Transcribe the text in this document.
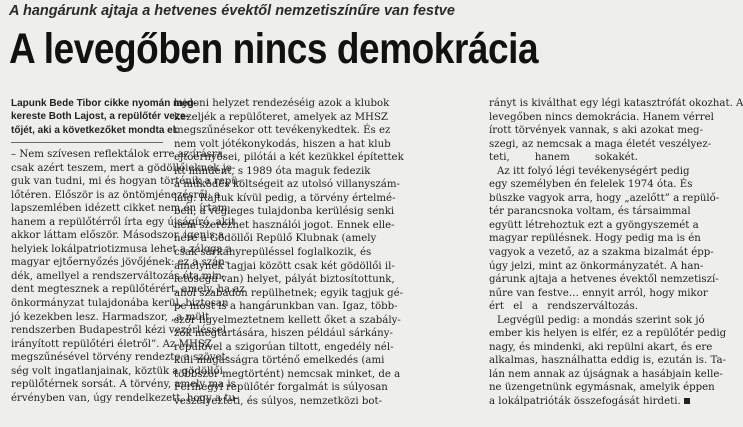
A hangárunk ajtaja a hetvenes évektől nemzetiszínűre van festve
A levegőben nincs demokrácia
Lapunk Bede Tibor cikke nyomán meg-
kereste Both Lajost, a repülőtér veze-
tőjét, aki a következőket mondta el.
– Nem szívesen reflektálok erre az írásra,
csak azért teszem, mert a gödöllőieknek jo-
guk van tudni, mi és hogyan történik a repü-
lőtéren. Először is az öntömjénezésről: a
lapszemlében idézett cikket nem én írtam,
hanem a repülőtérről írta egy újságíró, akit
akkor láttam először. Másodszor, igenis a
helyiek lokálpatriotizmusa lehet a záloga a
magyar ejtőernyőzés jövőjének: ez a szán-
dék, amellyel a rendszerváltozás óta min-
dent megtesznek a repülőtérért, amely, ha az
önkormányzat tulajdonába kerül, biztosan
jó kezekben lesz. Harmadszor, „a mült
rendszerben Budapestről kézi vezérléssel
irányított repülőtéri életről”. Az MHSZ
megszűnésével törvény rendezte a szövet-
ség volt ingatlanjainak, köztük a gödöllői
repülőtérnek sorsát. A törvény, amely ma is
érvényben van, úgy rendelkezett, hogy a tu-
lajdoni helyzet rendezéséig azok a klubok
kezeljék a repülőteret, amelyek az MHSZ
megszűnésekor ott tevékenykedtek. És ez
nem volt jótékonykodás, hiszen a hat klub
ejtőernyősei, pilótái a két kezükkel építettek
itt mindent, s 1989 óta maguk fedezik
a működés költségeit az utolsó villanyszám-
láig. Rajtuk kívül pedig, a törvény értelmé-
ben, a végleges tulajdonba kerülésig senki
nem szerezhet használói jogot. Ennek elle-
nére a Gödöllői Repülő Klubnak (amely
csak sárkányrepüléssel foglalkozik, és
amelynek tagjai között csak két gödöllői il-
letőségű van) helyet, pályát biztosítottunk,
ahol szabadon repülhetnek; egyik tagjuk gé-
pe most is a hangárunkban van. Igaz, több-
ször figyelmeztetnem kellett őket a szabály-
zók megtartására, hiszen például sárkány-
repülővel a szigorúan tiltott, engedély nél-
küli magasságra történő emelkedés (ami
többször megtörtént) nemcsak minket, de a
Ferihegyi repülőtér forgalmát is súlyosan
veszélyezteti, és súlyos, nemzetközi bot-
rányt is kiválthat egy légi katasztrófát okozhat. A
levegőben nincs demokrácia. Hanem vérrel
írott törvények vannak, s aki azokat meg-
szegi, az nemcsak a maga életét veszélyez-
teti, hanem sokakét.
Az itt folyó légi tevékenységért pedig
egy személyben én felelek 1974 óta. És
büszke vagyok arra, hogy „azelőtt” a repülő-
tér parancsnoka voltam, és társaimmal
együtt létrehoztuk ezt a gyöngyszemét a
magyar repülésnek. Hogy pedig ma is én
vagyok a vezető, az a szakma bizalmát épp-
úgy jelzi, mint az önkormányzatét. A han-
gárunk ajtaja a hetvenes évektől nemzetiszí-
nűre van festve… ennyit arról, hogy mikor
ért el a rendszerváltozás.
Legvégül pedig: a mondás szerint sok jó
ember kis helyen is elfér, ez a repülőtér pedig
nagy, és mindenki, aki repülni akart, és ere
alkalmas, használhatta eddig is, ezután is. Ta-
lán nem annak az újságnak a hasábjain kelle-
ne üzengetnünk egymásnak, amelyik éppen
a lokálpatrióták összefogását hirdeti.
